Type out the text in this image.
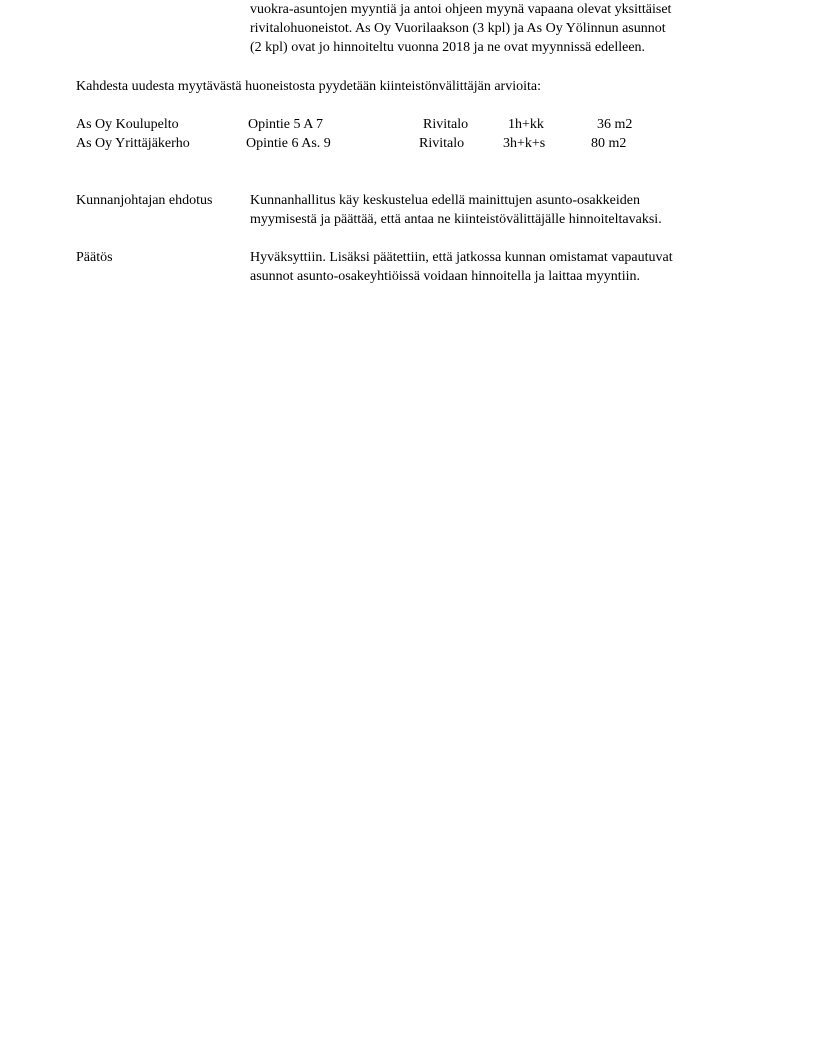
vuokra-asuntojen myyntiä ja antoi ohjeen myynä vapaana olevat yksittäiset
rivitalohuoneistot. As Oy Vuorilaakson (3 kpl) ja As Oy Yölinnun asunnot
(2 kpl) ovat jo hinnoiteltu vuonna 2018 ja ne ovat myynnissä edelleen.
Kahdesta uudesta myytävästä huoneistosta pyydetään kiinteistönvälittäjän arvioita:
As Oy Koulupelto	Opintie 5 A 7	Rivitalo	1h+kk	36 m2
As Oy Yrittäjäkerho	Opintie 6 As. 9	Rivitalo	3h+k+s	80 m2
Kunnanjohtajan ehdotus	Kunnanhallitus käy keskustelua edellä mainittujen asunto-osakkeiden
myymisestä ja päättää, että antaa ne kiinteistövälittäjälle hinnoiteltavaksi.
Päätös	Hyväksyttiin. Lisäksi päätettiin, että jatkossa kunnan omistamat vapautuvat
asunnot asunto-osakeyhtiöissä voidaan hinnoitella ja laittaa myyntiin.
